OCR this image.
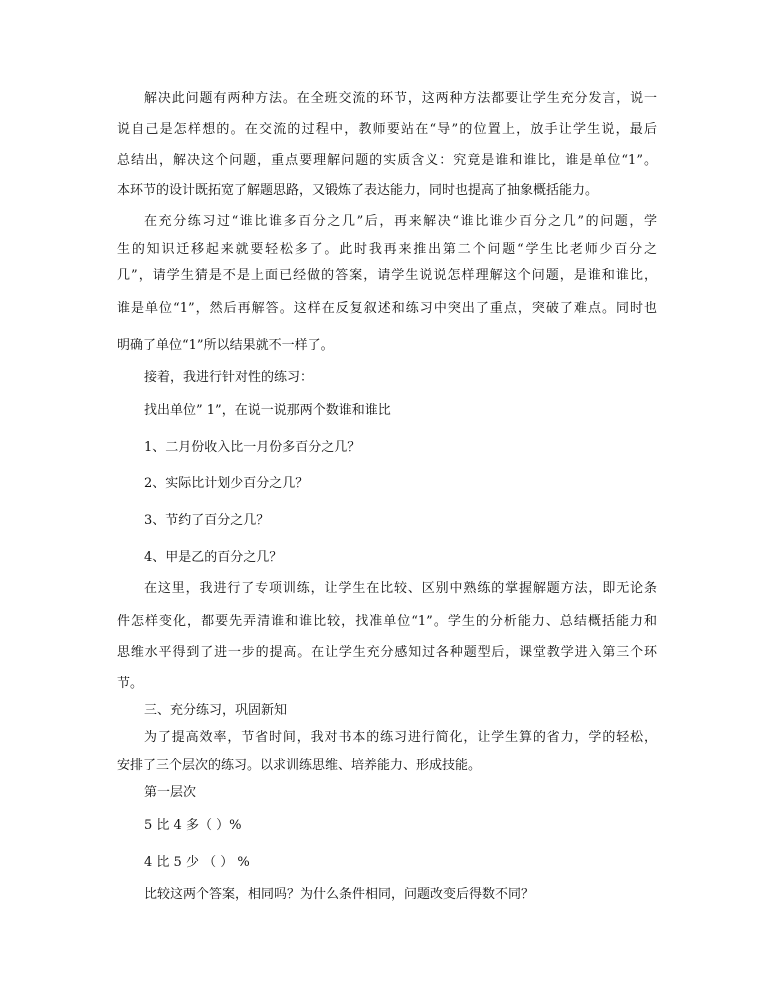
解决此问题有两种方法。在全班交流的环节，这两种方法都要让学生充分发言，说一
说自己是怎样想的。在交流的过程中，教师要站在“导”的位置上，放手让学生说，最后
总结出，解决这个问题，重点要理解问题的实质含义：究竟是谁和谁比，谁是单位“1”。
本环节的设计既拓宽了解题思路，又锻炼了表达能力，同时也提高了抽象概括能力。
在充分练习过“谁比谁多百分之几”后，再来解决“谁比谁少百分之几”的问题，学
生的知识迁移起来就要轻松多了。此时我再来推出第二个问题“学生比老师少百分之
几”，请学生猜是不是上面已经做的答案，请学生说说怎样理解这个问题，是谁和谁比，
谁是单位“1”，然后再解答。这样在反复叙述和练习中突出了重点，突破了难点。同时也
明确了单位“1”所以结果就不一样了。
接着，我进行针对性的练习：
找出单位” 1”，在说一说那两个数谁和谁比
1、二月份收入比一月份多百分之几？
2、实际比计划少百分之几？
3、节约了百分之几？
4、甲是乙的百分之几？
在这里，我进行了专项训练，让学生在比较、区别中熟练的掌握解题方法，即无论条
件怎样变化，都要先弄清谁和谁比较，找准单位“1”。学生的分析能力、总结概括能力和
思维水平得到了进一步的提高。在让学生充分感知过各种题型后，课堂教学进入第三个环
节。
三、充分练习，巩固新知
为了提高效率，节省时间，我对书本的练习进行简化，让学生算的省力，学的轻松，
安排了三个层次的练习。以求训练思维、培养能力、形成技能。
第一层次
5 比 4 多（ ）%
4 比 5 少 （ ） %
比较这两个答案，相同吗？为什么条件相同，问题改变后得数不同？
